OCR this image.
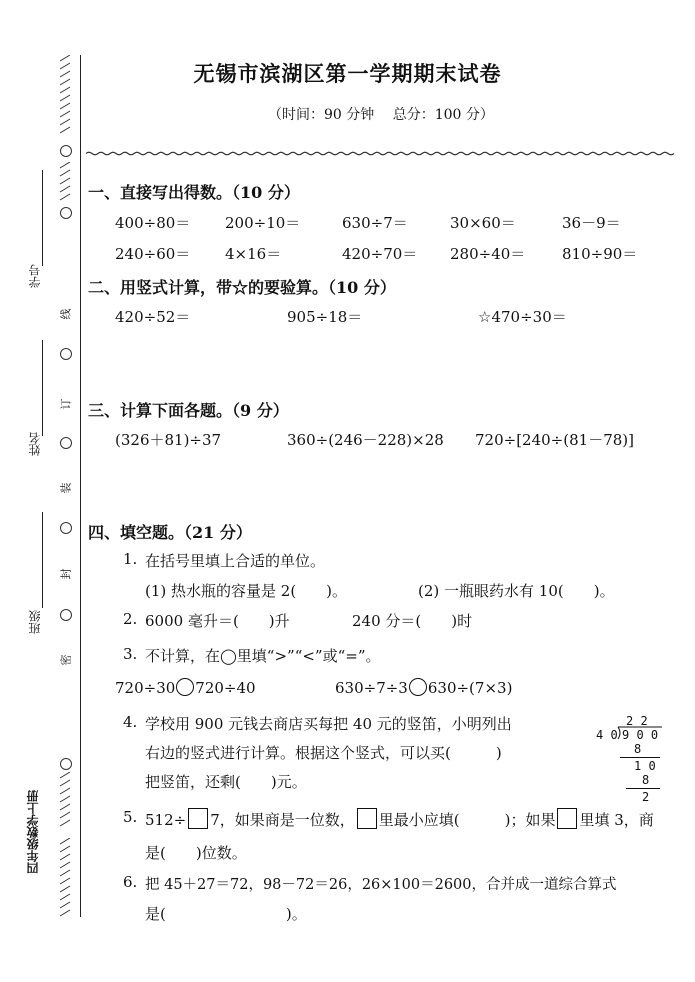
线
订
装
封
密
学号
姓名
班级
四年级数学上册
无锡市滨湖区第一学期期末试卷
（时间：90 分钟　 总分：100 分）
一、直接写出得数。（10 分）
400÷80＝ 200÷10＝	630÷7＝	30×60＝	36－9＝
240÷60＝ 4×16＝	420÷70＝ 280÷40＝ 810÷90＝
二、用竖式计算，带☆的要验算。（10 分）
420÷52＝	905÷18＝	☆470÷30＝
三、计算下面各题。（9 分）
(326＋81)÷37	360÷(246－228)×28 720÷[240÷(81－78)]
四、填空题。（21 分）
1. 在括号里填上合适的单位。
(1) 热水瓶的容量是 2(　　)。	(2) 一瓶眼药水有 10(　　)。
2. 6000 毫升＝(　　)升	240 分＝(　　)时
3. 不计算，在◯里填“>”“<”或“=”。
720÷30 720÷40	630÷7÷3 630÷(7×3)
4. 学校用 900 元钱去商店买每把 40 元的竖笛，小明列出
右边的竖式进行计算。根据这个竖式，可以买(　　　)
把竖笛，还剩(　　)元。
2 2
4 0 9 0 0
8
1 0
8
2
5. 512÷ 7，如果商是一位数， 里最小应填(　　　)；如果 里填 3，商
是(　　)位数。
6. 把 45＋27＝72，98－72＝26，26×100＝2600，合并成一道综合算式
是(　　　　　　　　)。
